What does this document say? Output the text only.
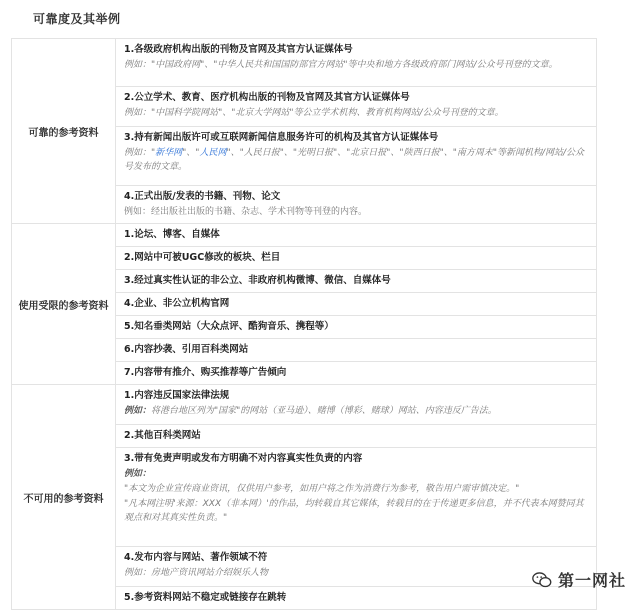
可靠度及其举例
可靠的参考资料	1.各级政府机构出版的刊物及官网及其官方认证媒体号
例如："中国政府网"、"中华人民共和国国防部官方网站"等中央和地方各级政府部门网站/公众号刊登的文章。

	2.公立学术、教育、医疗机构出版的刊物及官网及其官方认证媒体号
例如："中国科学院网站"、"北京大学网站"等公立学术机构、教育机构网站/公众号刊登的文章。

	3.持有新闻出版许可或互联网新闻信息服务许可的机构及其官方认证媒体号
例如："新华网"、"人民网"、"人民日报"、"光明日报"、"北京日报"、"陕西日报"、"南方周末"等新闻机构/网站/公众号发布的文章。

	4.正式出版/发表的书籍、刊物、论文
例如：经出版社出版的书籍、杂志、学术刊物等刊登的内容。

使用受限的参考资料	1.论坛、博客、自媒体

	2.网站中可被UGC修改的板块、栏目

	3.经过真实性认证的非公立、非政府机构微博、微信、自媒体号

	4.企业、非公立机构官网

	5.知名垂类网站（大众点评、酷狗音乐、携程等）

	6.内容抄袭、引用百科类网站

	7.内容带有推介、购买推荐等广告倾向

不可用的参考资料	1.内容违反国家法律法规
例如：将港台地区列为"国家"的网站（亚马逊）、赌博（博彩、赌球）网站、内容违反广告法。

	2.其他百科类网站

	3.带有免责声明或发布方明确不对内容真实性负责的内容
例如：
"本文为企业宣传商业资讯，仅供用户参考，如用户将之作为消费行为参考，敬告用户需审慎决定。"
"凡本网注明'来源：XXX（非本网）'的作品，均转载自其它媒体，转载目的在于传递更多信息，并不代表本网赞同其观点和对其真实性负责。"

	4.发布内容与网站、著作领域不符
例如：房地产资讯网站介绍娱乐人物

	5.参考资料网站不稳定或链接存在跳转
第一网社
